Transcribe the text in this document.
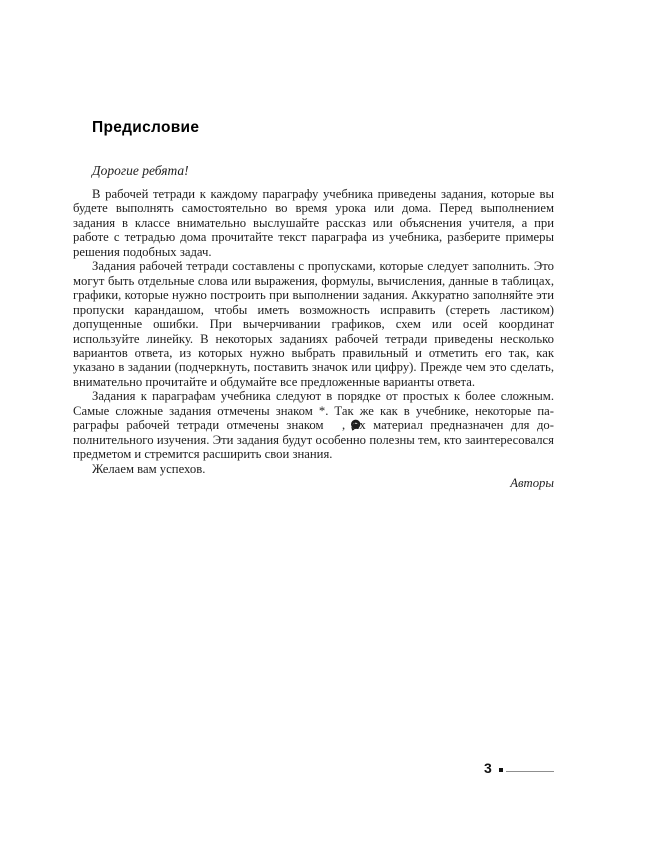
Предисловие

Дорогие ребята!

В рабочей тетради к каждому параграфу учебника приведены задания, которые вы будете выполнять самостоятельно во время урока или дома. Перед выполнением задания в классе внимательно выслушайте рассказ или объяснения учителя, а при работе с тетрадью дома прочитайте текст параграфа из учебника, разберите примеры решения подобных задач.

Задания рабочей тетради составлены с пропусками, которые следует заполнить. Это могут быть отдельные слова или выражения, формулы, вычисления, данные в таблицах, графики, которые нужно построить при выполнении задания. Аккуратно заполняйте эти пропуски карандашом, чтобы иметь возможность исправить (стереть ластиком) допущенные ошибки. При вычерчивании графиков, схем или осей координат используйте линейку. В некоторых заданиях рабочей тетради приведены несколько вариантов ответа, из которых нужно выбрать правильный и отметить его так, как указано в задании (подчеркнуть, поставить значок или цифру). Прежде чем это сделать, внимательно прочитайте и обдумайте все предложенные варианты ответа.

Задания к параграфам учебника следуют в порядке от простых к более сложным. Самые сложные задания отмечены знаком *. Так же как в учебнике, некоторые параграфы рабочей тетради отмечены знаком , их материал предназначен для дополнительного изучения. Эти задания будут особенно полезны тем, кто заинтересовался предметом и стремится расширить свои знания.

Желаем вам успехов.

Авторы

3
